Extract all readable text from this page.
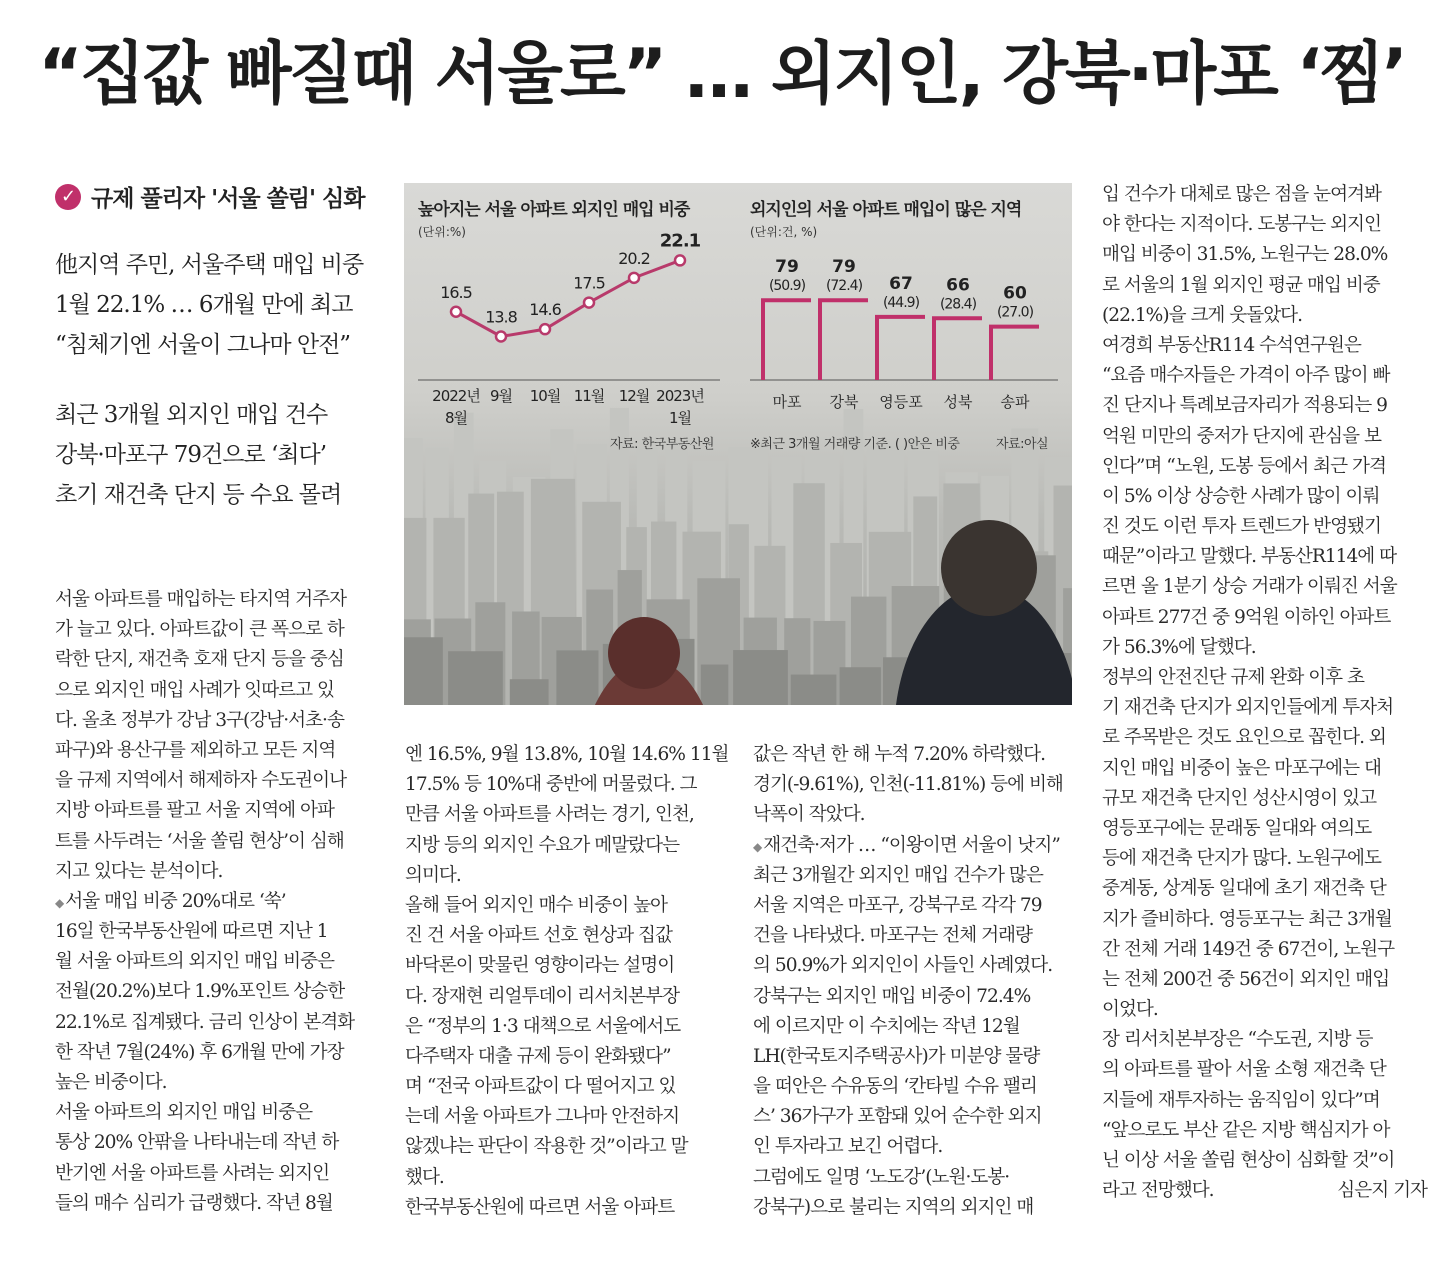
“집값 빠질때 서울로” … 외지인, 강북·마포 ‘찜’
✓ 규제 풀리자 '서울 쏠림' 심화
他지역 주민, 서울주택 매입 비중
1월 22.1% … 6개월 만에 최고
“침체기엔 서울이 그나마 안전”
최근 3개월 외지인 매입 건수
강북·마포구 79건으로 ‘최다’
초기 재건축 단지 등 수요 몰려
높아지는 서울 아파트 외지인 매입 비중
(단위:%)
외지인의 서울 아파트 매입이 많은 지역
(단위:건, %)
16.5
13.8 14.6
17.5
20.2
22.1
2022년
8월
9월 10월 11월 12월 2023년
1월
79
(50.9)
마포
79
(72.4)
강북
67
(44.9)
영등포
66
(28.4)
성북
60
(27.0)
송파
자료: 한국부동산원	※최근 3개월 거래량 기준. ( )안은 비중	자료:아실
서울 아파트를 매입하는 타지역 거주자
가 늘고 있다. 아파트값이 큰 폭으로 하
락한 단지, 재건축 호재 단지 등을 중심
으로 외지인 매입 사례가 잇따르고 있
다. 올초 정부가 강남 3구(강남·서초·송
파구)와 용산구를 제외하고 모든 지역
을 규제 지역에서 해제하자 수도권이나
지방 아파트를 팔고 서울 지역에 아파
트를 사두려는 ‘서울 쏠림 현상’이 심해
지고 있다는 분석이다.
◆ 서울 매입 비중 20%대로 ‘쑥’
16일 한국부동산원에 따르면 지난 1
월 서울 아파트의 외지인 매입 비중은
전월(20.2%)보다 1.9%포인트 상승한
22.1%로 집계됐다. 금리 인상이 본격화
한 작년 7월(24%) 후 6개월 만에 가장
높은 비중이다.
서울 아파트의 외지인 매입 비중은
통상 20% 안팎을 나타내는데 작년 하
반기엔 서울 아파트를 사려는 외지인
들의 매수 심리가 급랭했다. 작년 8월
엔 16.5%, 9월 13.8%, 10월 14.6% 11월
17.5% 등 10%대 중반에 머물렀다. 그
만큼 서울 아파트를 사려는 경기, 인천,
지방 등의 외지인 수요가 메말랐다는
의미다.
올해 들어 외지인 매수 비중이 높아
진 건 서울 아파트 선호 현상과 집값
바닥론이 맞물린 영향이라는 설명이
다. 장재현 리얼투데이 리서치본부장
은 “정부의 1·3 대책으로 서울에서도
다주택자 대출 규제 등이 완화됐다”
며 “전국 아파트값이 다 떨어지고 있
는데 서울 아파트가 그나마 안전하지
않겠냐는 판단이 작용한 것”이라고 말
했다.
한국부동산원에 따르면 서울 아파트
값은 작년 한 해 누적 7.20% 하락했다.
경기(-9.61%), 인천(-11.81%) 등에 비해
낙폭이 작았다.
◆ 재건축·저가 … “이왕이면 서울이 낫지”
최근 3개월간 외지인 매입 건수가 많은
서울 지역은 마포구, 강북구로 각각 79
건을 나타냈다. 마포구는 전체 거래량
의 50.9%가 외지인이 사들인 사례였다.
강북구는 외지인 매입 비중이 72.4%
에 이르지만 이 수치에는 작년 12월
LH(한국토지주택공사)가 미분양 물량
을 떠안은 수유동의 ‘칸타빌 수유 팰리
스’ 36가구가 포함돼 있어 순수한 외지
인 투자라고 보긴 어렵다.
그럼에도 일명 ‘노도강’(노원·도봉·
강북구)으로 불리는 지역의 외지인 매
입 건수가 대체로 많은 점을 눈여겨봐
야 한다는 지적이다. 도봉구는 외지인
매입 비중이 31.5%, 노원구는 28.0%
로 서울의 1월 외지인 평균 매입 비중
(22.1%)을 크게 웃돌았다.
여경희 부동산R114 수석연구원은
“요즘 매수자들은 가격이 아주 많이 빠
진 단지나 특례보금자리가 적용되는 9
억원 미만의 중저가 단지에 관심을 보
인다”며 “노원, 도봉 등에서 최근 가격
이 5% 이상 상승한 사례가 많이 이뤄
진 것도 이런 투자 트렌드가 반영됐기
때문”이라고 말했다. 부동산R114에 따
르면 올 1분기 상승 거래가 이뤄진 서울
아파트 277건 중 9억원 이하인 아파트
가 56.3%에 달했다.
정부의 안전진단 규제 완화 이후 초
기 재건축 단지가 외지인들에게 투자처
로 주목받은 것도 요인으로 꼽힌다. 외
지인 매입 비중이 높은 마포구에는 대
규모 재건축 단지인 성산시영이 있고
영등포구에는 문래동 일대와 여의도
등에 재건축 단지가 많다. 노원구에도
중계동, 상계동 일대에 초기 재건축 단
지가 즐비하다. 영등포구는 최근 3개월
간 전체 거래 149건 중 67건이, 노원구
는 전체 200건 중 56건이 외지인 매입
이었다.
장 리서치본부장은 “수도권, 지방 등
의 아파트를 팔아 서울 소형 재건축 단
지들에 재투자하는 움직임이 있다”며
“앞으로도 부산 같은 지방 핵심지가 아
닌 이상 서울 쏠림 현상이 심화할 것”이
라고 전망했다.	심은지 기자
